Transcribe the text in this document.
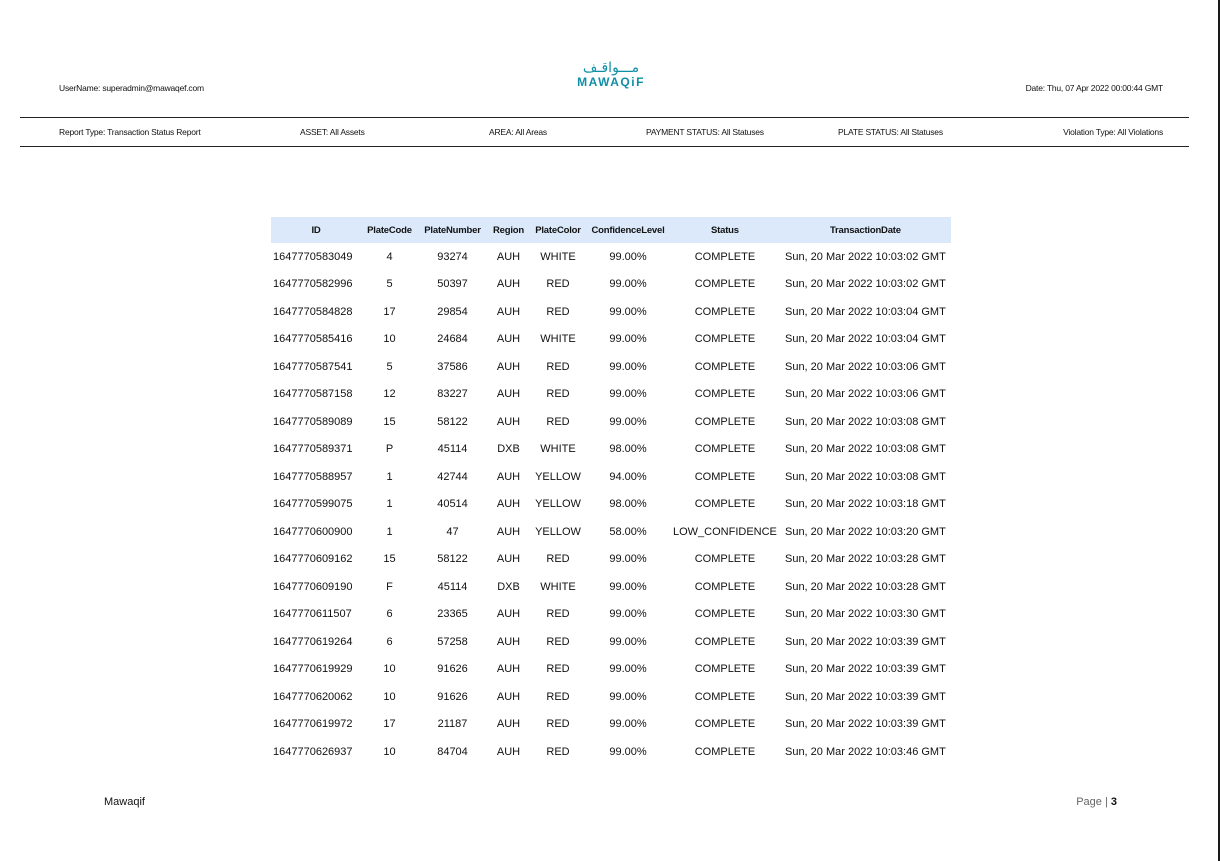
UserName: superadmin@mawaqef.com
مـــواقـف
MAWAQiF	Date: Thu, 07 Apr 2022 00:00:44 GMT
Report Type: Transaction Status Report	ASSET: All Assets	AREA: All Areas	PAYMENT STATUS: All Statuses	PLATE STATUS: All Statuses	Violation Type: All Violations
ID	PlateCode	PlateNumber	Region	PlateColor	ConfidenceLevel	Status	TransactionDate
1647770583049	4	93274	AUH	WHITE	99.00%	COMPLETE	Sun, 20 Mar 2022 10:03:02 GMT
1647770582996	5	50397	AUH	RED	99.00%	COMPLETE	Sun, 20 Mar 2022 10:03:02 GMT
1647770584828	17	29854	AUH	RED	99.00%	COMPLETE	Sun, 20 Mar 2022 10:03:04 GMT
1647770585416	10	24684	AUH	WHITE	99.00%	COMPLETE	Sun, 20 Mar 2022 10:03:04 GMT
1647770587541	5	37586	AUH	RED	99.00%	COMPLETE	Sun, 20 Mar 2022 10:03:06 GMT
1647770587158	12	83227	AUH	RED	99.00%	COMPLETE	Sun, 20 Mar 2022 10:03:06 GMT
1647770589089	15	58122	AUH	RED	99.00%	COMPLETE	Sun, 20 Mar 2022 10:03:08 GMT
1647770589371	P	45114	DXB	WHITE	98.00%	COMPLETE	Sun, 20 Mar 2022 10:03:08 GMT
1647770588957	1	42744	AUH	YELLOW	94.00%	COMPLETE	Sun, 20 Mar 2022 10:03:08 GMT
1647770599075	1	40514	AUH	YELLOW	98.00%	COMPLETE	Sun, 20 Mar 2022 10:03:18 GMT
1647770600900	1	47	AUH	YELLOW	58.00%	LOW_CONFIDENCE	Sun, 20 Mar 2022 10:03:20 GMT
1647770609162	15	58122	AUH	RED	99.00%	COMPLETE	Sun, 20 Mar 2022 10:03:28 GMT
1647770609190	F	45114	DXB	WHITE	99.00%	COMPLETE	Sun, 20 Mar 2022 10:03:28 GMT
1647770611507	6	23365	AUH	RED	99.00%	COMPLETE	Sun, 20 Mar 2022 10:03:30 GMT
1647770619264	6	57258	AUH	RED	99.00%	COMPLETE	Sun, 20 Mar 2022 10:03:39 GMT
1647770619929	10	91626	AUH	RED	99.00%	COMPLETE	Sun, 20 Mar 2022 10:03:39 GMT
1647770620062	10	91626	AUH	RED	99.00%	COMPLETE	Sun, 20 Mar 2022 10:03:39 GMT
1647770619972	17	21187	AUH	RED	99.00%	COMPLETE	Sun, 20 Mar 2022 10:03:39 GMT
1647770626937	10	84704	AUH	RED	99.00%	COMPLETE	Sun, 20 Mar 2022 10:03:46 GMT
Mawaqif	Page | 3
